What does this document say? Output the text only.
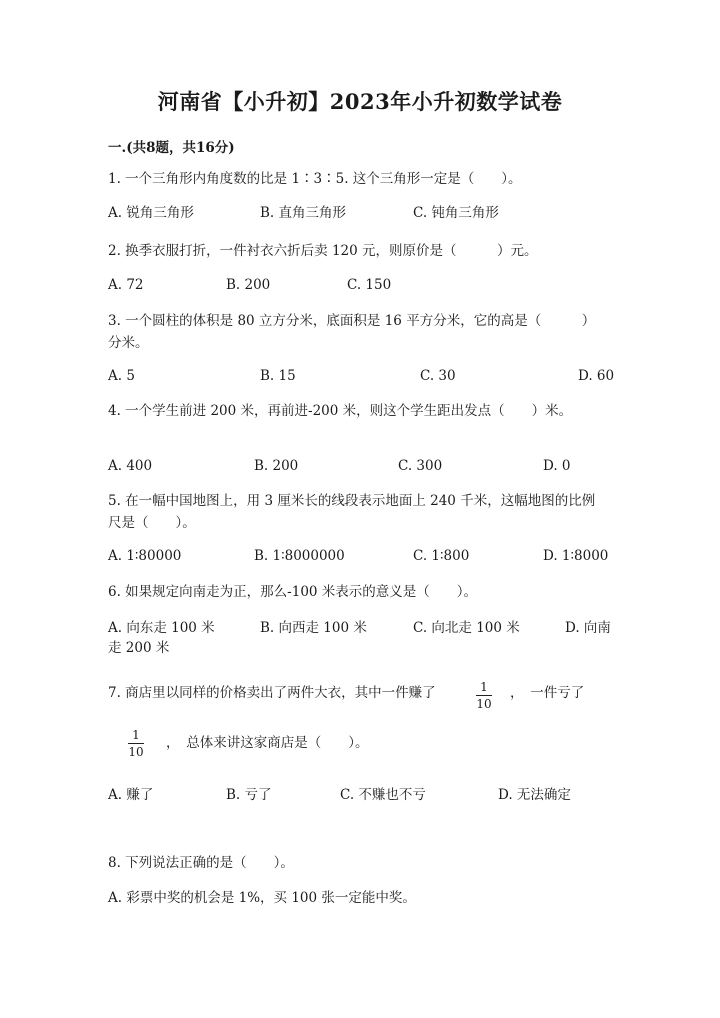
河南省【小升初】2023年小升初数学试卷
一.(共8题，共16分)
1. 一个三角形内角度数的比是 1∶3∶5. 这个三角形一定是（　　）。
A. 锐角三角形	B. 直角三角形	C. 钝角三角形
2. 换季衣服打折，一件衬衣六折后卖 120 元，则原价是（　　　）元。
A. 72	B. 200	C. 150
3. 一个圆柱的体积是 80 立方分米，底面积是 16 平方分米，它的高是（　　　）分米。
A. 5	B. 15	C. 30	D. 60
4. 一个学生前进 200 米，再前进-200 米，则这个学生距出发点（　　）米。
A. 400	B. 200	C. 300	D. 0
5. 在一幅中国地图上，用 3 厘米长的线段表示地面上 240 千米，这幅地图的比例尺是（　　）。
A. 1∶80000	B. 1∶8000000	C. 1∶800	D. 1∶8000
6. 如果规定向南走为正，那么-100 米表示的意义是（　　）。
A. 向东走 100 米	B. 向西走 100 米	C. 向北走 100 米	D. 向南走 200 米
7. 商店里以同样的价格卖出了两件大衣，其中一件赚了	1
10
，　一件亏了
1
10
，　总体来讲这家商店是（　　）。
A. 赚了	B. 亏了	C. 不赚也不亏	D. 无法确定
8. 下列说法正确的是（　　）。
A. 彩票中奖的机会是 1%，买 100 张一定能中奖。
